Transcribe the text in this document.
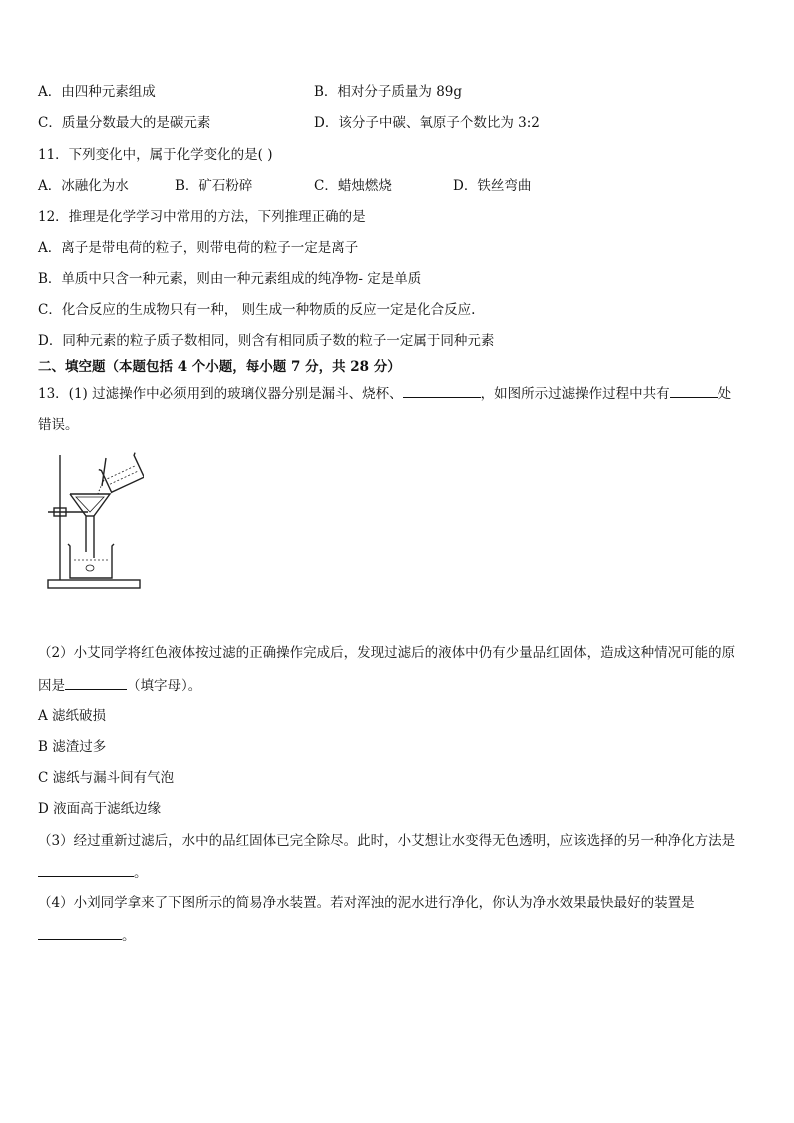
A．由四种元素组成	B．相对分子质量为 89g
C．质量分数最大的是碳元素	D．该分子中碳、氧原子个数比为 3:2
11．下列变化中，属于化学变化的是( )
A．冰融化为水	B．矿石粉碎	C．蜡烛燃烧	D．铁丝弯曲
12．推理是化学学习中常用的方法，下列推理正确的是
A．离子是带电荷的粒子，则带电荷的粒子一定是离子
B．单质中只含一种元素，则由一种元素组成的纯净物- 定是单质
C．化合反应的生成物只有一种， 则生成一种物质的反应一定是化合反应.
D．同种元素的粒子质子数相同，则含有相同质子数的粒子一定属于同种元素
二、填空题（本题包括 4 个小题，每小题 7 分，共 28 分）
13．(1) 过滤操作中必须用到的玻璃仪器分别是漏斗、烧杯、	，如图所示过滤操作过程中共有	处
错误。
（2）小艾同学将红色液体按过滤的正确操作完成后，发现过滤后的液体中仍有少量品红固体，造成这种情况可能的原
因是	（填字母）。
A 滤纸破损
B 滤渣过多
C 滤纸与漏斗间有气泡
D 液面高于滤纸边缘
（3）经过重新过滤后，水中的品红固体已完全除尽。此时，小艾想让水变得无色透明，应该选择的另一种净化方法是
。
（4）小刘同学拿来了下图所示的简易净水装置。若对浑浊的泥水进行净化，你认为净水效果最快最好的装置是
。
